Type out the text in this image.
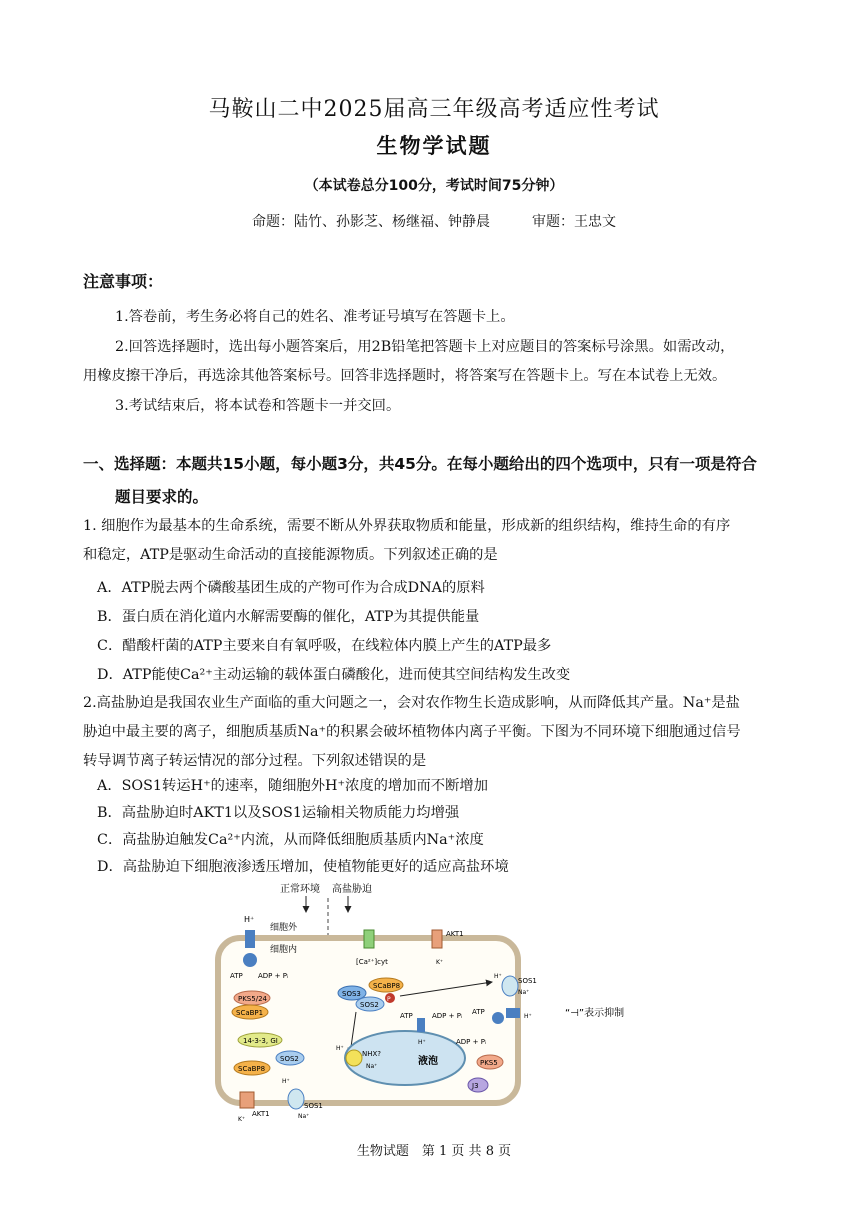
马鞍山二中2025届高三年级高考适应性考试
生物学试题
（本试卷总分100分，考试时间75分钟）
命题：陆竹、孙影芝、杨继福、钟静晨　　　审题：王忠文
注意事项：
1.答卷前，考生务必将自己的姓名、准考证号填写在答题卡上。
2.回答选择题时，选出每小题答案后，用2B铅笔把答题卡上对应题目的答案标号涂黑。如需改动，
用橡皮擦干净后，再选涂其他答案标号。回答非选择题时，将答案写在答题卡上。写在本试卷上无效。
3.考试结束后，将本试卷和答题卡一并交回。
一、选择题：本题共15小题，每小题3分，共45分。在每小题给出的四个选项中，只有一项是符合
题目要求的。
1. 细胞作为最基本的生命系统，需要不断从外界获取物质和能量，形成新的组织结构，维持生命的有序
和稳定，ATP是驱动生命活动的直接能源物质。下列叙述正确的是
A．ATP脱去两个磷酸基团生成的产物可作为合成DNA的原料
B．蛋白质在消化道内水解需要酶的催化，ATP为其提供能量
C．醋酸杆菌的ATP主要来自有氧呼吸，在线粒体内膜上产生的ATP最多
D．ATP能使Ca²⁺主动运输的载体蛋白磷酸化，进而使其空间结构发生改变
2.高盐胁迫是我国农业生产面临的重大问题之一，会对农作物生长造成影响，从而降低其产量。Na⁺是盐
胁迫中最主要的离子，细胞质基质Na⁺的积累会破坏植物体内离子平衡。下图为不同环境下细胞通过信号
转导调节离子转运情况的部分过程。下列叙述错误的是
A．SOS1转运H⁺的速率，随细胞外H⁺浓度的增加而不断增加
B．高盐胁迫时AKT1以及SOS1运输相关物质能力均增强
C．高盐胁迫触发Ca²⁺内流，从而降低细胞质基质内Na⁺浓度
D．高盐胁迫下细胞液渗透压增加，使植物能更好的适应高盐环境
正常环境 高盐胁迫
细胞外
细胞内
H⁺
ATP ADP + Pᵢ
PKS5/24
SCaBP1
14-3-3, GI
SCaBP8
SOS2
AKT1
K⁺
SOS1
Na⁺
H⁺
[Ca²⁺]cyt
AKT1
K⁺
SOS3
SCaBP8
SOS2
P
液泡
NHX?
Na⁺
H⁺
ATP	ADP + Pᵢ
H⁺
SOS1
Na⁺
H⁺
H⁺
ATP
ADP + Pᵢ
PKS5
J3
“⊣”表示抑制
生物试题　第 1 页 共 8 页
